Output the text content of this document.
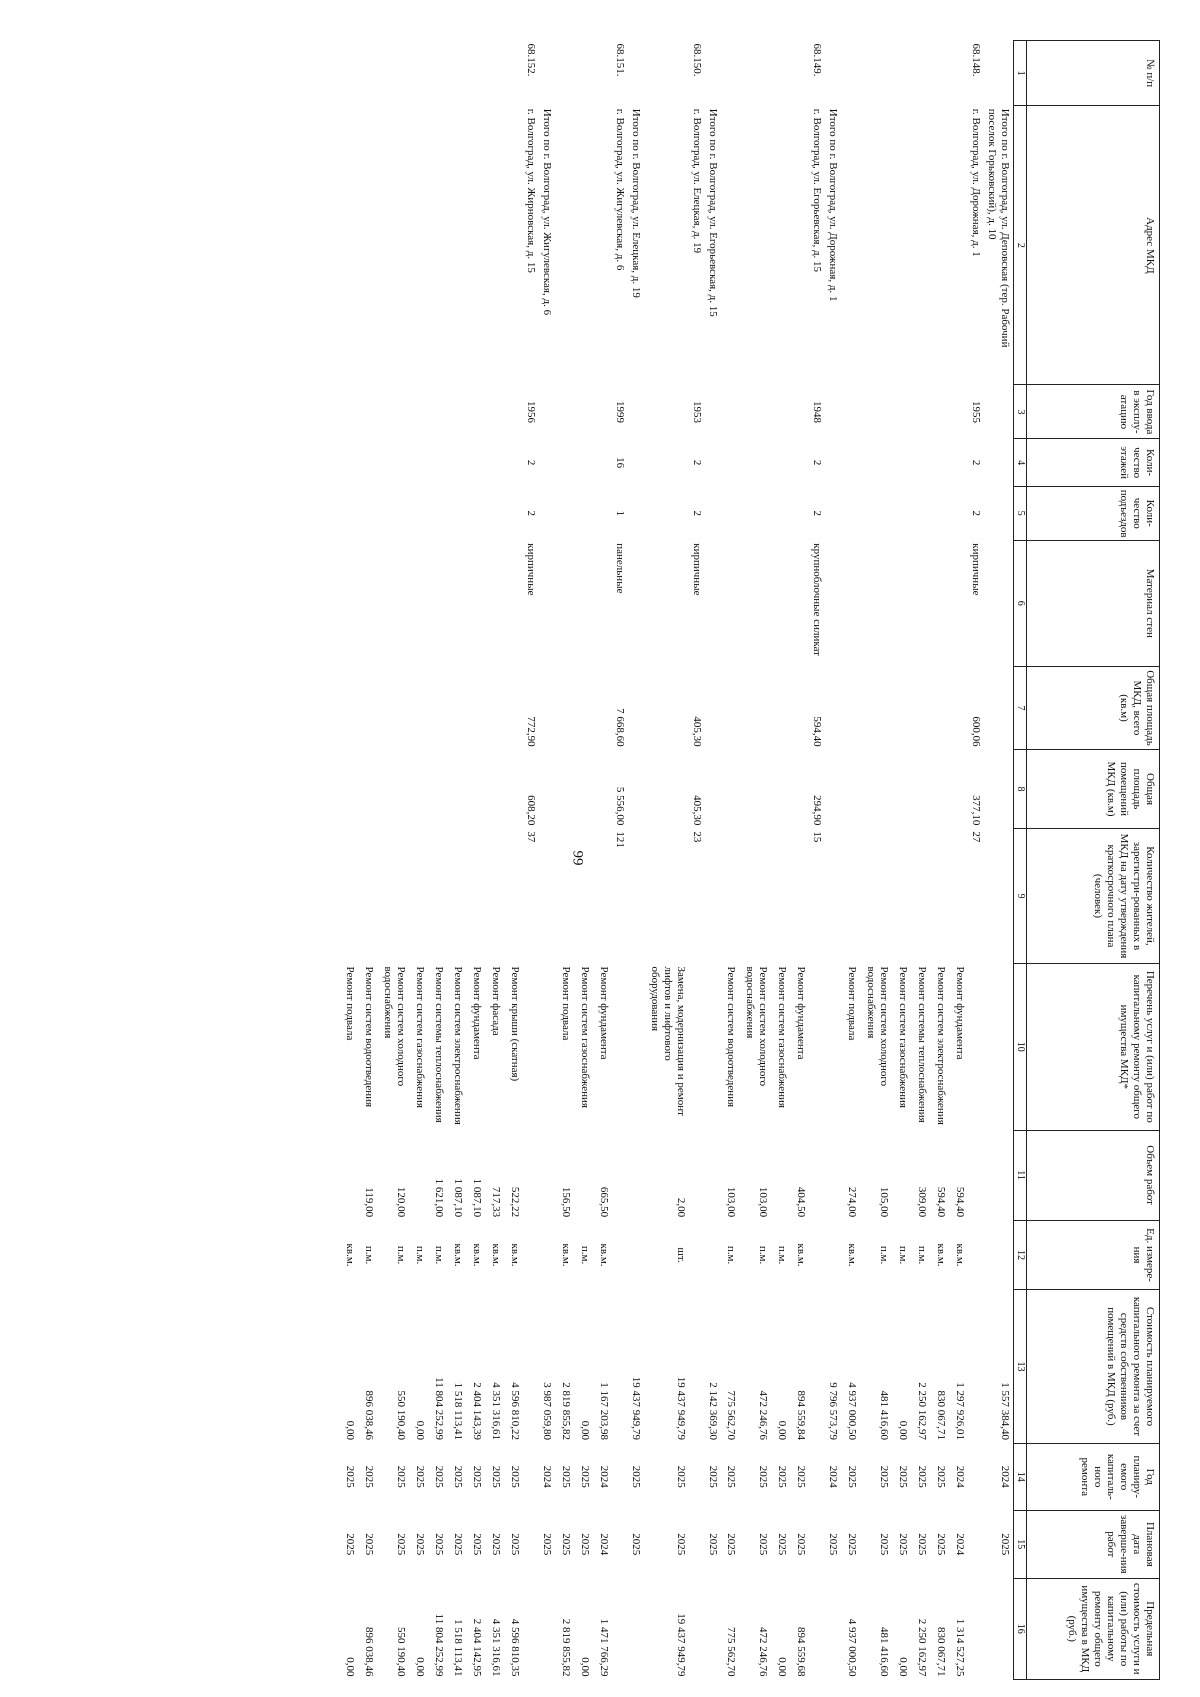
99
№ п/п	Адрес МКД	Год ввода в эксплу-атацию	Коли-чество этажей	Коли-чество подъездов	Материал стен	Общая площадь МКД, всего (кв.м)	Общая площадь помещений МКД (кв.м)	Количество жителей, зарегистри-рованных в МКД на дату утверждения краткосрочного плана (человек)	Перечень услуг и (или) работ по капитальному ремонту общего имущества МКД*	Объем работ	Ед. измере-ния	Стоимость планируемого капитального ремонта за счет средств собственников помещений в МКД (руб.)	Год планиру-емого капиталь-ного ремонта	Плановая дата заверше-ния работ	Предельная стоимость услуги и (или) работы по капитальному ремонту общего имущества в МКД (руб.)
1	2	3	4	5	6	7	8	9	10	11	12	13	14	15	16
	Итого по г. Волгоград, ул. Деповская (тер. Рабочий поселок Горьковский), д. 10											1 557 384,40	2024	2025	
68.148.	г. Волгоград, ул. Дорожная, д. 1	1955	2	2	кирпичные	600,06	377,10	27							
									Ремонт фундамента	594,40	кв.м.	1 297 926,01	2024	2024	1 314 527,25
									Ремонт систем электроснабжения	594,40	кв.м.	830 067,71	2025	2025	830 067,71
									Ремонт системы теплоснабжения	309,00	п.м.	2 250 162,97	2025	2025	2 250 162,97
									Ремонт систем газоснабжения		п.м.	0,00	2025	2025	0,00
									Ремонт систем холодного водоснабжения	105,00	п.м.	481 416,60	2025	2025	481 416,60
									Ремонт подвала	274,00	кв.м.	4 937 000,50	2025	2025	4 937 000,50
	Итого по г. Волгоград, ул. Дорожная, д. 1											9 796 573,79	2024	2025	
68.149.	г. Волгоград, ул. Егорьевская, д. 15	1948	2	2	крупноблочные силикат	594,40	294,90	15							
									Ремонт фундамента	404,50	кв.м.	894 559,84	2025	2025	894 559,68
									Ремонт систем газоснабжения		п.м.	0,00	2025	2025	0,00
									Ремонт систем холодного водоснабжения	103,00	п.м.	472 246,76	2025	2025	472 246,76
									Ремонт систем водоотведения	103,00	п.м.	775 562,70	2025	2025	775 562,70
	Итого по г. Волгоград, ул. Егорьевская, д. 15											2 142 369,30	2025	2025	
68.150.	г. Волгоград, ул. Елецкая, д. 19	1953	2	2	кирпичные	405,30	405,30	23							
									Замена, модернизация и ремонт лифтов и лифтового оборудования	2,00	шт.	19 437 949,79	2025	2025	19 437 949,79
	Итого по г. Волгоград, ул. Елецкая, д. 19											19 437 949,79	2025	2025	
68.151.	г. Волгоград, ул. Жигулевская, д. 6	1999	16	1	панельные	7 668,60	5 556,00	121							
									Ремонт фундамента	665,50	кв.м.	1 167 203,98	2024	2024	1 471 766,29
									Ремонт систем газоснабжения		п.м.	0,00	2025	2025	0,00
									Ремонт подвала	156,50	кв.м.	2 819 855,82	2025	2025	2 819 855,82
	Итого по г. Волгоград, ул. Жигулевская, д. 6											3 987 059,80	2024	2025	
68.152.	г. Волгоград, ул. Жирновская, д. 15	1956	2	2	кирпичные	772,90	608,20	37							
									Ремонт крыши (скатная)	522,22	кв.м.	4 596 810,22	2025	2025	4 596 810,35
									Ремонт фасада	717,33	кв.м.	4 351 316,61	2025	2025	4 351 316,61
									Ремонт фундамента	1 087,10	кв.м.	2 404 143,39	2025	2025	2 404 142,95
									Ремонт систем электроснабжения	1 087,10	кв.м.	1 518 113,41	2025	2025	1 518 113,41
									Ремонт системы теплоснабжения	1 621,00	п.м.	11 804 252,99	2025	2025	11 804 252,99
									Ремонт систем газоснабжения		п.м.	0,00	2025	2025	0,00
									Ремонт систем холодного водоснабжения	120,00	п.м.	550 190,40	2025	2025	550 190,40
									Ремонт систем водоотведения	119,00	п.м.	896 038,46	2025	2025	896 038,46
									Ремонт подвала		кв.м.	0,00	2025	2025	0,00
